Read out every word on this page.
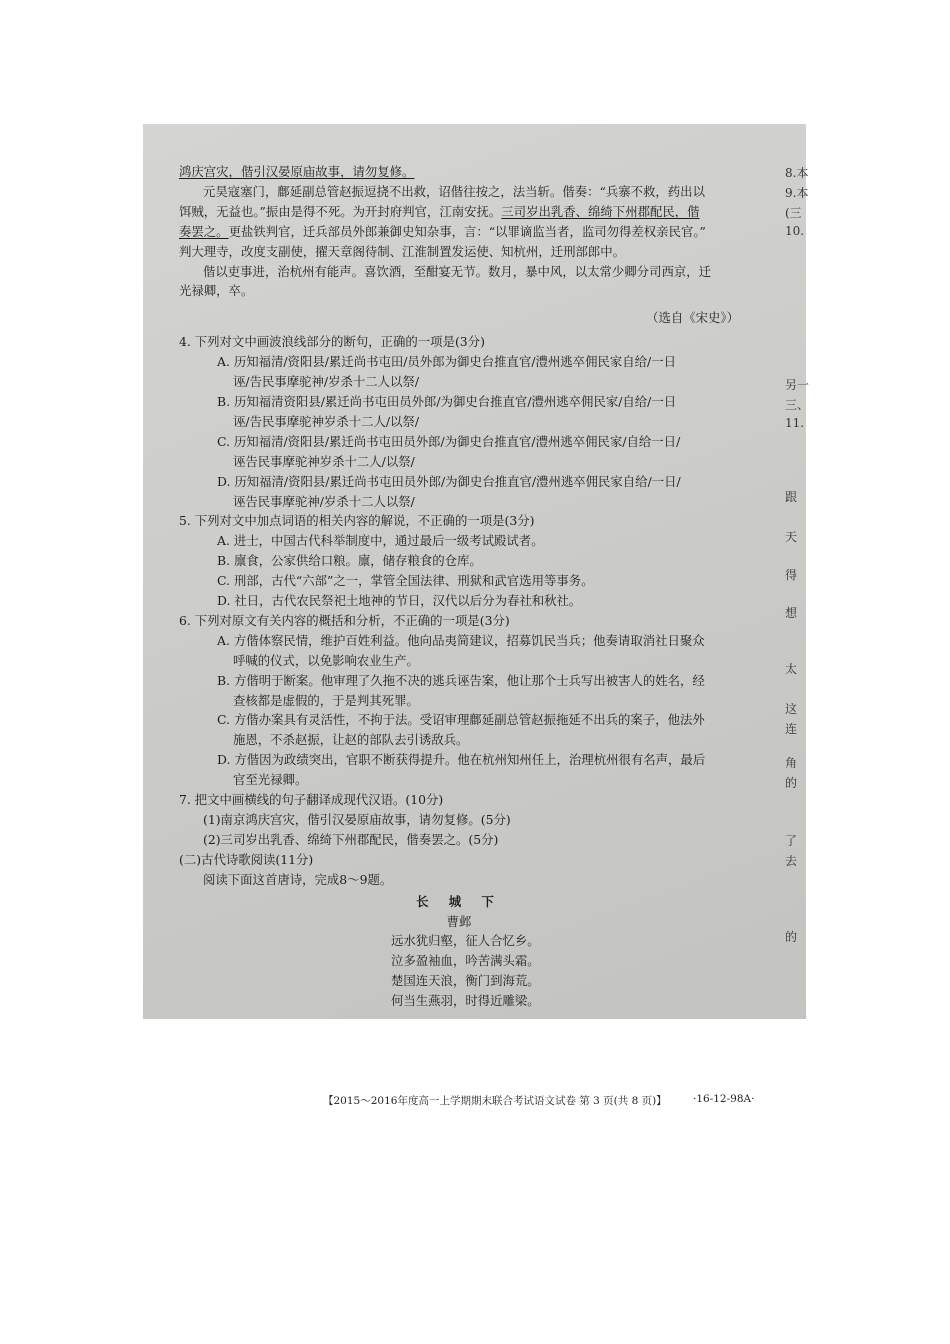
鸿庆宫灾，偕引汉晏原庙故事，请勿复修。

元昊寇塞门，鄜延副总管赵振逗挠不出救，诏偕往按之，法当斩。偕奏：“兵寨不救，药出以

饵贼，无益也。”振由是得不死。为开封府判官，江南安抚。三司岁出乳香、绵绮下州郡配民，偕

奏罢之。更盐铁判官，迁兵部员外郎兼御史知杂事，言：“以罪谪监当者，监司勿得差权亲民官。”

判大理寺，改度支副使，擢天章阁待制、江淮制置发运使、知杭州，迁刑部郎中。

偕以吏事进，治杭州有能声。喜饮酒，至酣宴无节。数月，暴中风，以太常少卿分司西京，迁

光禄卿，卒。

（选自《宋史》）

4. 下列对文中画波浪线部分的断句，正确的一项是(3分)

A. 历知福清/资阳县/累迁尚书屯田/员外郎为御史台推直官/澧州逃卒佣民家自给/一日

诬/告民事摩驼神/岁杀十二人以祭/

B. 历知福清资阳县/累迁尚书屯田员外郎/为御史台推直官/澧州逃卒佣民家/自给/一日

诬/告民事摩驼神岁杀十二人/以祭/

C. 历知福清/资阳县/累迁尚书屯田员外郎/为御史台推直官/澧州逃卒佣民家/自给一日/

诬告民事摩驼神岁杀十二人/以祭/

D. 历知福清/资阳县/累迁尚书屯田员外郎/为御史台推直官/澧州逃卒佣民家自给/一日/

诬告民事摩驼神/岁杀十二人以祭/

5. 下列对文中加点词语的相关内容的解说，不正确的一项是(3分)

A. 进士，中国古代科举制度中，通过最后一级考试殿试者。

B. 廪食，公家供给口粮。廪，储存粮食的仓库。

C. 刑部，古代“六部”之一，掌管全国法律、刑狱和武官选用等事务。

D. 社日，古代农民祭祀土地神的节日，汉代以后分为春社和秋社。

6. 下列对原文有关内容的概括和分析，不正确的一项是(3分)

A. 方偕体察民情，维护百姓利益。他向品夷简建议，招募饥民当兵；他奏请取消社日聚众

呼喊的仪式，以免影响农业生产。

B. 方偕明于断案。他审理了久拖不决的逃兵诬告案，他让那个士兵写出被害人的姓名，经

查核都是虚假的，于是判其死罪。

C. 方偕办案具有灵活性，不拘于法。受诏审理鄜延副总管赵振拖延不出兵的案子，他法外

施恩，不杀赵振，让赵的部队去引诱敌兵。

D. 方偕因为政绩突出，官职不断获得提升。他在杭州知州任上，治理杭州很有名声，最后

官至光禄卿。

7. 把文中画横线的句子翻译成现代汉语。(10分)

(1)南京鸿庆宫灾，偕引汉晏原庙故事，请勿复修。(5分)

(2)三司岁出乳香、绵绮下州郡配民，偕奏罢之。(5分)

(二)古代诗歌阅读(11分)

阅读下面这首唐诗，完成8～9题。

长 城 下

曹邺

远水犹归壑，征人合忆乡。

泣多盈袖血，吟苦满头霜。

楚国连天浪，衡门到海荒。

何当生燕羽，时得近雕梁。

【2015～2016年度高一上学期期末联合考试语文试卷 第 3 页(共 8 页)】	·16-12-98A·
8.本
9.本
(三
10.
另一
三、
11.
跟
天
得
想
太
这
连
角
的
了
去
的
